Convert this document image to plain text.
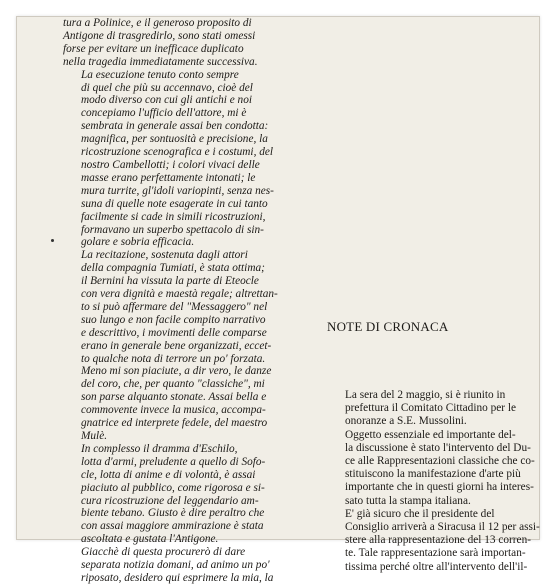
tura a Polinice, e il generoso proposito di
Antigone di trasgredirlo, sono stati omessi
forse per evitare un inefficace duplicato
nella tragedia immediatamente successiva.

La esecuzione tenuto conto sempre
di quel che più su accennavo, cioè del
modo diverso con cui gli antichi e noi
concepiamo l'ufficio dell'attore, mi è
sembrata in generale assai ben condotta:
magnifica, per sontuosità e precisione, la
ricostruzione scenografica e i costumi, del
nostro Cambellotti; i colori vivaci delle
masse erano perfettamente intonati; le
mura turrite, gl'idoli variopinti, senza nes-
suna di quelle note esagerate in cui tanto
facilmente si cade in simili ricostruzioni,
formavano un superbo spettacolo di sin-
golare e sobria efficacia.

La recitazione, sostenuta dagli attori
della compagnia Tumiati, è stata ottima;
il Bernini ha vissuta la parte di Eteocle
con vera dignità e maestà regale; altrettan-
to si può affermare del "Messaggero" nel
suo lungo e non facile compito narrativo
e descrittivo, i movimenti delle comparse
erano in generale bene organizzati, eccet-
to qualche nota di terrore un po' forzata.
Meno mi son piaciute, a dir vero, le danze
del coro, che, per quanto "classiche", mi
son parse alquanto stonate. Assai bella e
commovente invece la musica, accompa-
gnatrice ed interprete fedele, del maestro
Mulè.

In complesso il dramma d'Eschilo,
lotta d'armi, preludente a quello di Sofo-
cle, lotta di anime e di volontà, è assai
piaciuto al pubblico, come rigorosa e si-
cura ricostruzione del leggendario am-
biente tebano. Giusto è dire peraltro che
con assai maggiore ammirazione è stata
ascoltata e gustata l'Antigone.

Giacchè di questa procurerò di dare
separata notizia domani, ad animo un po'
riposato, desidero qui esprimere la mia, la

NOTE DI CRONACA

La sera del 2 maggio, si è riunito in
prefettura il Comitato Cittadino per le
onoranze a S.E. Mussolini.

Oggetto essenziale ed importante del-
la discussione è stato l'intervento del Du-
ce alle Rappresentazioni classiche che co-
stituiscono la manifestazione d'arte più
importante che in questi giorni ha interes-
sato tutta la stampa italiana.

E' già sicuro che il presidente del
Consiglio arriverà a Siracusa il 12 per assi-
stere alla rappresentazione del 13 corren-
te. Tale rappresentazione sarà importan-
tissima perché oltre all'intervento dell'il-
